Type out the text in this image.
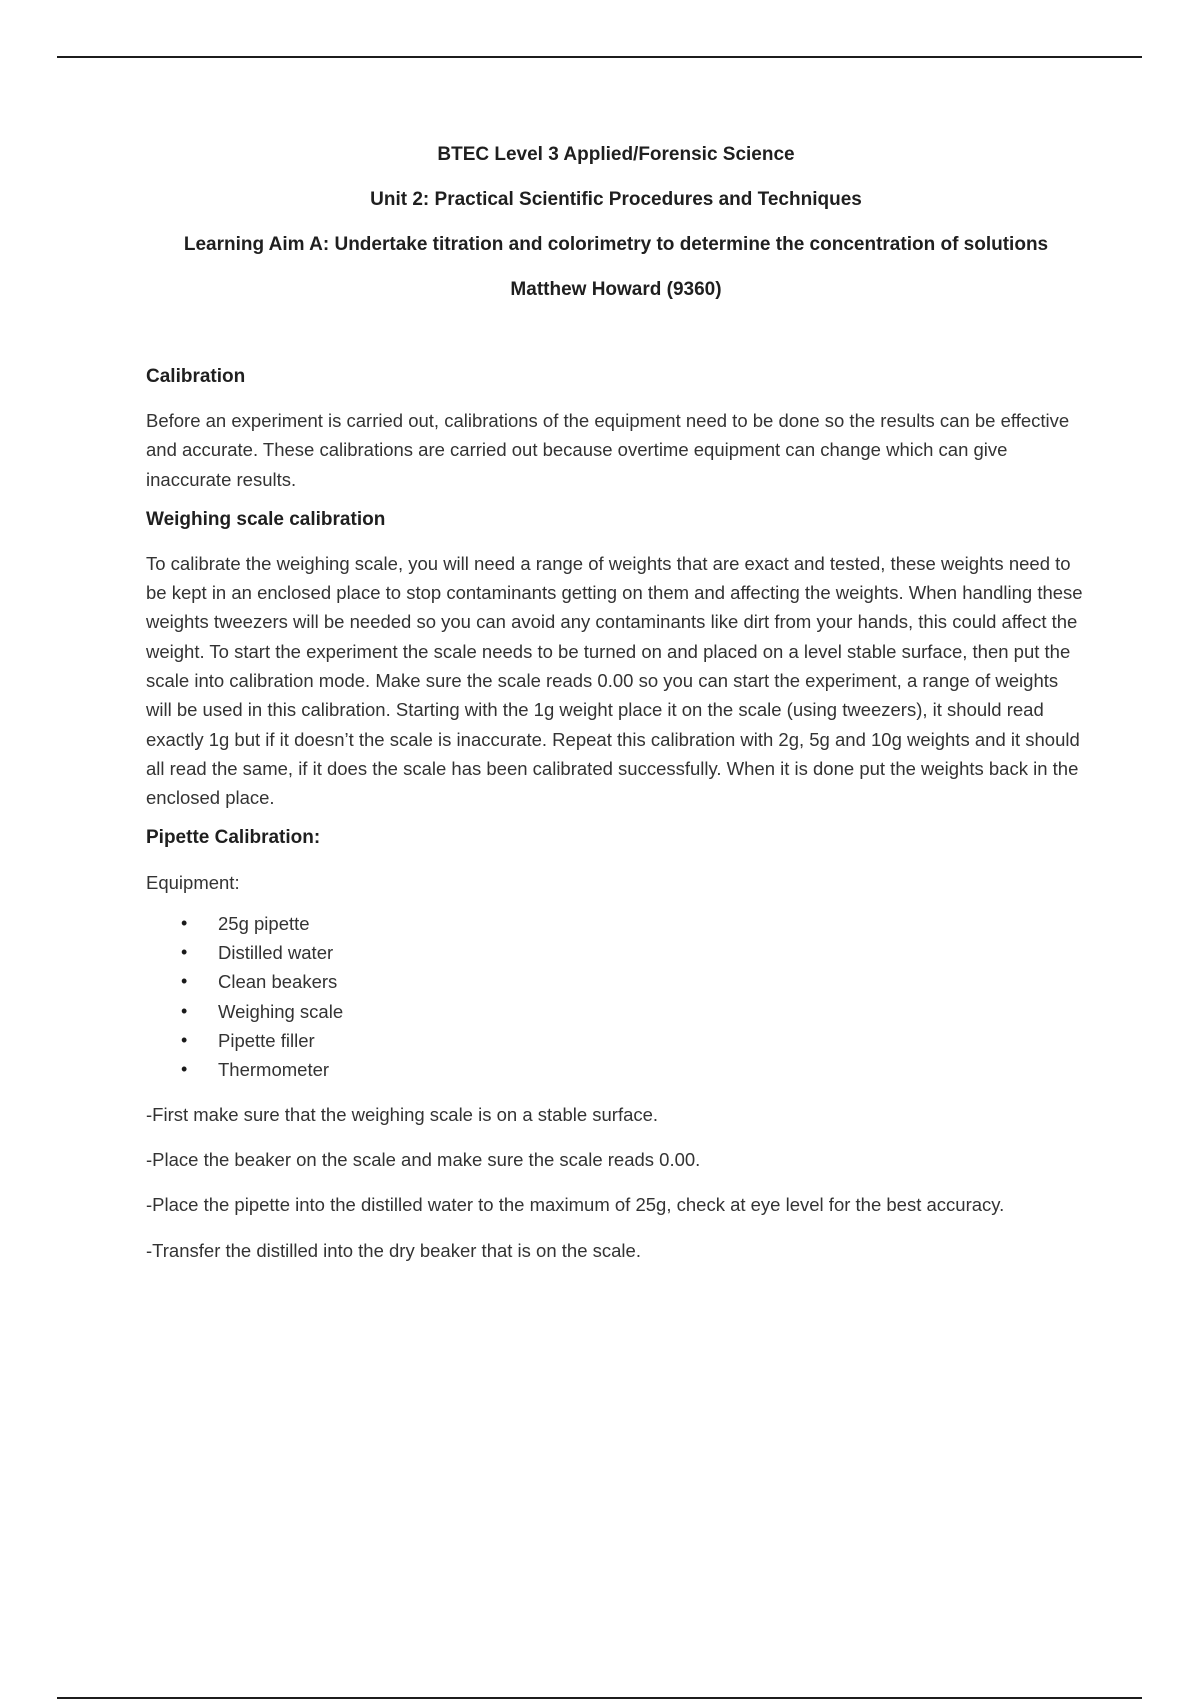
BTEC Level 3 Applied/Forensic Science

Unit 2: Practical Scientific Procedures and Techniques

Learning Aim A: Undertake titration and colorimetry to determine the concentration of solutions

Matthew Howard (9360)

Calibration

Before an experiment is carried out, calibrations of the equipment need to be done so the results can be effective and accurate. These calibrations are carried out because overtime equipment can change which can give inaccurate results.

Weighing scale calibration

To calibrate the weighing scale, you will need a range of weights that are exact and tested, these weights need to be kept in an enclosed place to stop contaminants getting on them and affecting the weights. When handling these weights tweezers will be needed so you can avoid any contaminants like dirt from your hands, this could affect the weight. To start the experiment the scale needs to be turned on and placed on a level stable surface, then put the scale into calibration mode. Make sure the scale reads 0.00 so you can start the experiment, a range of weights will be used in this calibration. Starting with the 1g weight place it on the scale (using tweezers), it should read exactly 1g but if it doesn’t the scale is inaccurate. Repeat this calibration with 2g, 5g and 10g weights and it should all read the same, if it does the scale has been calibrated successfully. When it is done put the weights back in the enclosed place.

Pipette Calibration:

Equipment:

• 25g pipette
• Distilled water
• Clean beakers
• Weighing scale
• Pipette filler
• Thermometer

-First make sure that the weighing scale is on a stable surface.

-Place the beaker on the scale and make sure the scale reads 0.00.

-Place the pipette into the distilled water to the maximum of 25g, check at eye level for the best accuracy.

-Transfer the distilled into the dry beaker that is on the scale.
